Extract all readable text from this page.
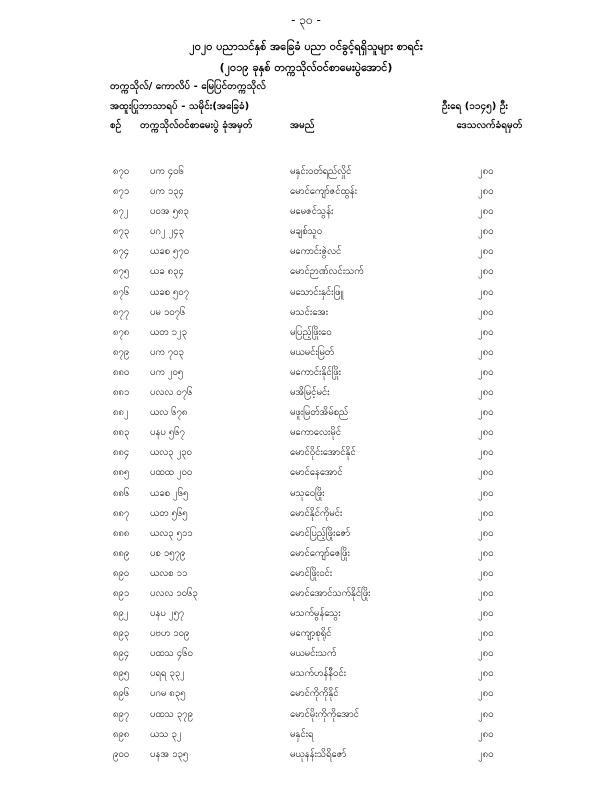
- ၃၀ -
၂၀၂၀ ပညာသင်နှစ် အခြေခံ ပညာ ဝင်ခွင့်ရရှိသူများ စာရင်း
(၂၀၁၉ ခုနှစ် တက္ကသိုလ်ဝင်စာမေးပွဲအောင်)
တက္ကသိုလ်/ ကောလိပ် - မြေပြင်တက္ကသိုလ်
အထူးပြုဘာသာရပ် - သမိုင်း(အခြေခံ)	ဦးရေ (၁၁၄၅) ဦး
စဉ်	တက္ကသိုလ်ဝင်စာမေးပွဲ ခုံအမှတ်	အမည်	ဒေသလက်ခံရမှတ်
၈၇၀ ပက ၄၀၆	မနှင်းဝတ်ရည်လှိုင်	၂၈၀
၈၇၁ ပက ၁၃၄	မောင်ကျော်ဇင်ထွန်း	၂၈၀
၈၇၂ ပဝအ ၅၈၃	မမေဇင်သွန်း	၂၈၀
၈၇၃ ပဂ၂ ၂၄၃	မချစ်သူဝ	၂၈၀
၈၇၄ ယခစ ၅၇၀	မကောင်းဇွဲလင်	၂၈၀
၈၇၅ ယခ ၈၃၄	မောင်ဉာဏ်လင်းသက်	၂၈၀
၈၇၆ ယခစ ၅၀၇	မသောင်းနှင်းဖြူ	၂၈၀
၈၇၇ ပမ ၁၀၇၆	မသင်းအေး	၂၈၀
၈၇၈ ယတ ၁၂၃	မပြည့်ဖြိုးဝေ	၂၈၀
၈၇၉ ပက ၇၀၃	မယမင်းမြတ်	၂၈၀
၈၈၀ ပက ၂၀၅	မကောင်းနိုင်ဖြိုး	၂၈၀
၈၈၁ ပလလ ၀၇၆	မအိမြင့်မင်း	၂၈၀
၈၈၂ ယလ ၆၇၈	မဖူးမြတ်အိမ်စည်	၂၈၀
၈၈၃ ပနပ ၅၆၇	မကောလေးမိုင်	၂၈၀
၈၈၄ ယလ၃ ၂၃၀	မောင်ဝိုင်းအောင်နိုင်	၂၈၀
၈၈၅ ပထထ ၂၀၀	မောင်နေအောင်	၂၈၀
၈၈၆ ယခစ ၂၆၅	မသုဝေဖြိုး	၂၈၀
၈၈၇ ယတ ၅၆၅	မောင်နိုင်ကိုမင်း	၂၈၀
၈၈၈ ယလ၃ ၅၁၁	မောင်ပြည့်ဖြိုးဇော်	၂၈၀
၈၈၉ ပစ ၁၅၇၉	မောင်ကျော်ဇေဖြိုး	၂၈၀
၈၉၀ ယလစ ၁၁	မောင်ဖြိုးဝင်း	၂၈၀
၈၉၁ ပလလ ၁၀၆၃	မောင်အောင်သက်နိုင်ဖြိုး	၂၈၀
၈၉၂ ပနပ ၂၅၇	မသက်မွန်သွေး	၂၈၀
၈၉၃ ပဗဟ ၁၀၉	မကျော့စုရိုင်	၂၈၀
၈၉၄ ပထသ ၄၆၀	မယမင်းသက်	၂၈၀
၈၉၅ ပရရ ၃၃၂	မသက်ဟန်နီဝင်း	၂၈၀
၈၉၆ ပဂမ ၈၃၅	မောင်ကိုကိုနိုင်	၂၈၀
၈၉၇ ပထသ ၃၇၉	မောင်မိုးကိုကိုအောင်	၂၈၀
၈၉၈ ယသ ၃၂	မနှင်းရ	၂၈၀
၉၀၀ ပနအ ၁၃၅	မယုနန်းသိရိဇော်	၂၈၀
